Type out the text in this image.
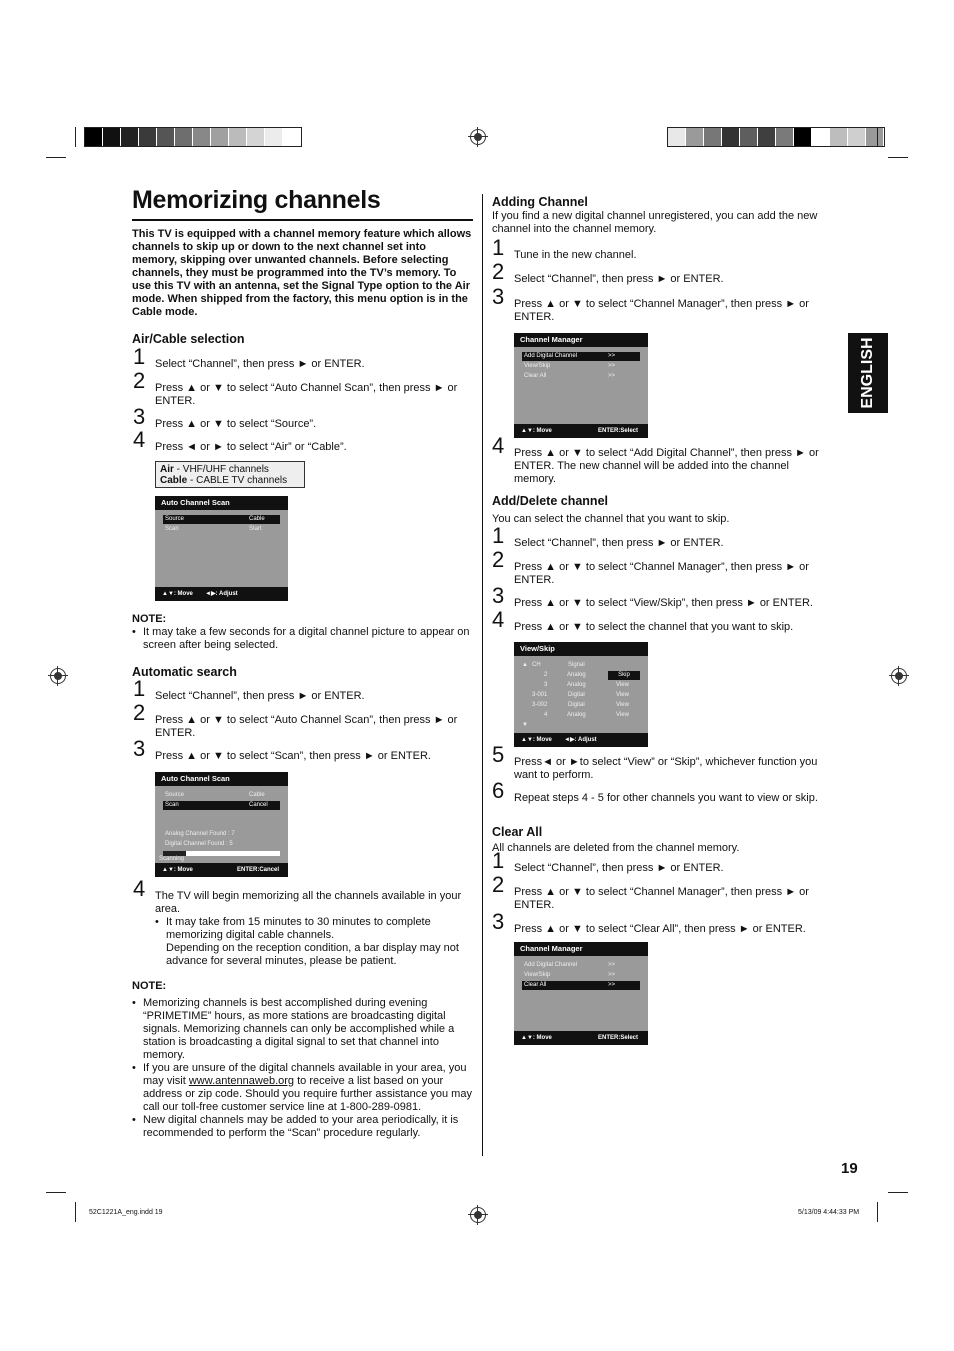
Memorizing channels
This TV is equipped with a channel memory feature which allows channels to skip up or down to the next channel set into memory, skipping over unwanted channels. Before selecting channels, they must be programmed into the TV’s memory. To use this TV with an antenna, set the Signal Type option to the Air mode. When shipped from the factory, this menu option is in the Cable mode.
Air/Cable selection
1 Select “Channel”, then press ► or ENTER.
2 Press ▲ or ▼ to select “Auto Channel Scan”, then press ► or ENTER.
3 Press ▲ or ▼ to select “Source”.
4 Press ◄ or ► to select “Air” or “Cable”.
Air - VHF/UHF channels
Cable - CABLE TV channels
Auto Channel Scan
Source	Cable
Scan	Start
▲▼: Move ◄▶: Adjust
NOTE:
• It may take a few seconds for a digital channel picture to appear on screen after being selected.
Automatic search
1 Select “Channel”, then press ► or ENTER.
2 Press ▲ or ▼ to select “Auto Channel Scan”, then press ► or ENTER.
3 Press ▲ or ▼ to select “Scan”, then press ► or ENTER.
Auto Channel Scan
Source	Cable
Scan	Cancel
Analog Channel Found : 7
Digital Channel Found : 5
Scanning
▲▼: Move	ENTER:Cancel
4 The TV will begin memorizing all the channels available in your area.
• It may take from 15 minutes to 30 minutes to complete memorizing digital cable channels.
Depending on the reception condition, a bar display may not advance for several minutes, please be patient.
NOTE:
• Memorizing channels is best accomplished during evening “PRIMETIME” hours, as more stations are broadcasting digital signals. Memorizing channels can only be accomplished while a station is broadcasting a digital signal to set that channel into memory.
• If you are unsure of the digital channels available in your area, you may visit www.antennaweb.org to receive a list based on your address or zip code. Should you require further assistance you may call our toll-free customer service line at 1-800-289-0981.
• New digital channels may be added to your area periodically, it is recommended to perform the “Scan” procedure regularly.
Adding Channel
If you find a new digital channel unregistered, you can add the new channel into the channel memory.
1 Tune in the new channel.
2 Select “Channel”, then press ► or ENTER.
3 Press ▲ or ▼ to select “Channel Manager”, then press ► or ENTER.
Channel Manager
Add Digital Channel	>>
View/Skip	>>
Clear All	>>
▲▼: Move	ENTER:Select
4 Press ▲ or ▼ to select “Add Digital Channel”, then press ► or ENTER. The new channel will be added into the channel memory.
Add/Delete channel
You can select the channel that you want to skip.
1 Select “Channel”, then press ► or ENTER.
2 Press ▲ or ▼ to select “Channel Manager”, then press ► or ENTER.
3 Press ▲ or ▼ to select “View/Skip”, then press ► or ENTER.
4 Press ▲ or ▼ to select the channel that you want to skip.
View/Skip
▲ CH	Signal
2	Analog	Skip
3	Analog	View
3-001	Digital	View
3-002	Digital	View
4	Analog	View
▼
▲▼: Move ◄▶: Adjust
5 Press◄ or ►to select “View” or “Skip”, whichever function you want to perform.
6 Repeat steps 4 - 5 for other channels you want to view or skip.
Clear All
All channels are deleted from the channel memory.
1 Select “Channel”, then press ► or ENTER.
2 Press ▲ or ▼ to select “Channel Manager”, then press ► or ENTER.
3 Press ▲ or ▼ to select “Clear All”, then press ► or ENTER.
Channel Manager
Add Digital Channel	>>
View/Skip	>>
Clear All	>>
▲▼: Move	ENTER:Select
ENGLISH
19
52C1221A_eng.indd 19	5/13/09 4:44:33 PM
